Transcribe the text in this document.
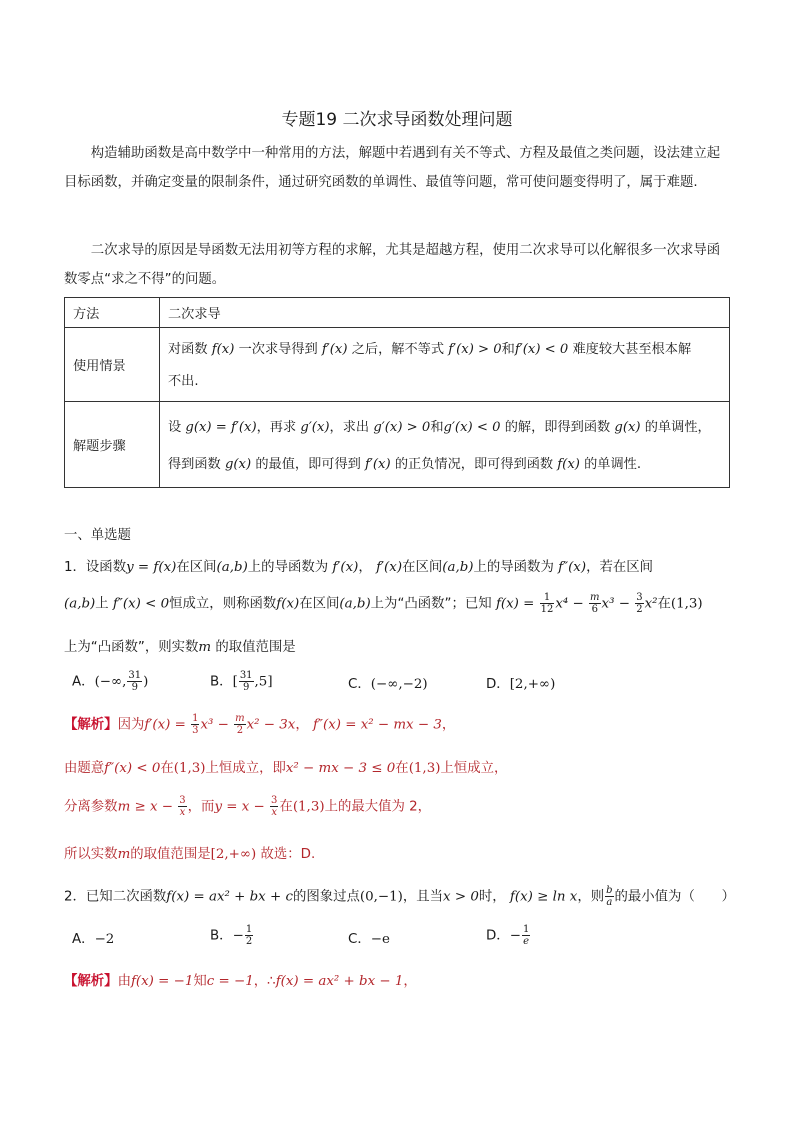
专题19 二次求导函数处理问题
构造辅助函数是高中数学中一种常用的方法，解题中若遇到有关不等式、方程及最值之类问题，设法建立起目标函数，并确定变量的限制条件，通过研究函数的单调性、最值等问题，常可使问题变得明了，属于难题.
二次求导的原因是导函数无法用初等方程的求解，尤其是超越方程，使用二次求导可以化解很多一次求导函数零点“求之不得”的问题。
方法	二次求导
使用情景	对函数 f(x) 一次求导得到 f′(x) 之后，解不等式 f′(x) > 0和f′(x) < 0 难度较大甚至根本解
不出.

解题步骤	设 g(x) = f′(x)，再求 g′(x)，求出 g′(x) > 0和g′(x) < 0 的解，即得到函数 g(x) 的单调性，
得到函数 g(x) 的最值，即可得到 f′(x) 的正负情况，即可得到函数 f(x) 的单调性.
一、单选题
1．设函数y = f(x)在区间(a,b)上的导函数为 f′(x)， f′(x)在区间(a,b)上的导函数为 f″(x)，若在区间
(a,b)上 f″(x) < 0恒成立，则称函数f(x)在区间(a,b)上为“凸函数”；已知 $f(x) = \frac{1}{12} x^4 - \frac{m}{6} x^3 - \frac{3}{2} x^2$在(1,3)
上为“凸函数”，则实数m 的取值范围是
A．(−∞, $\frac{31}{9}$ )	B．[ $\frac{31}{9} ,5$]	C．(−∞,−2)	D．[2,+∞)
【解析】因为$f'(x) = \frac{1}{3} x^3 - \frac{m}{2} x^2 - 3x$， f″(x) = x² − mx − 3，
由题意f″(x) < 0在(1,3)上恒成立，即x² − mx − 3 ≤ 0在(1,3)上恒成立，
分离参数$m \ge x - \frac{3}{x}$ ，而$y = x - \frac{3}{x}$ 在(1,3)上的最大值为 2，
所以实数m的取值范围是[2,+∞) 故选：D.
2．已知二次函数f(x) = ax² + bx + c的图象过点(0,−1)，且当x > 0时， f(x) ≥ ln x，则 $\frac{b}{a}$ 的最小值为（　　）
A．−2	B．− $\frac{1}{2}$	C．−e	D．− $\frac{1}{e}$
【解析】由f(x) = −1知c = −1，∴f(x) = ax² + bx − 1，
